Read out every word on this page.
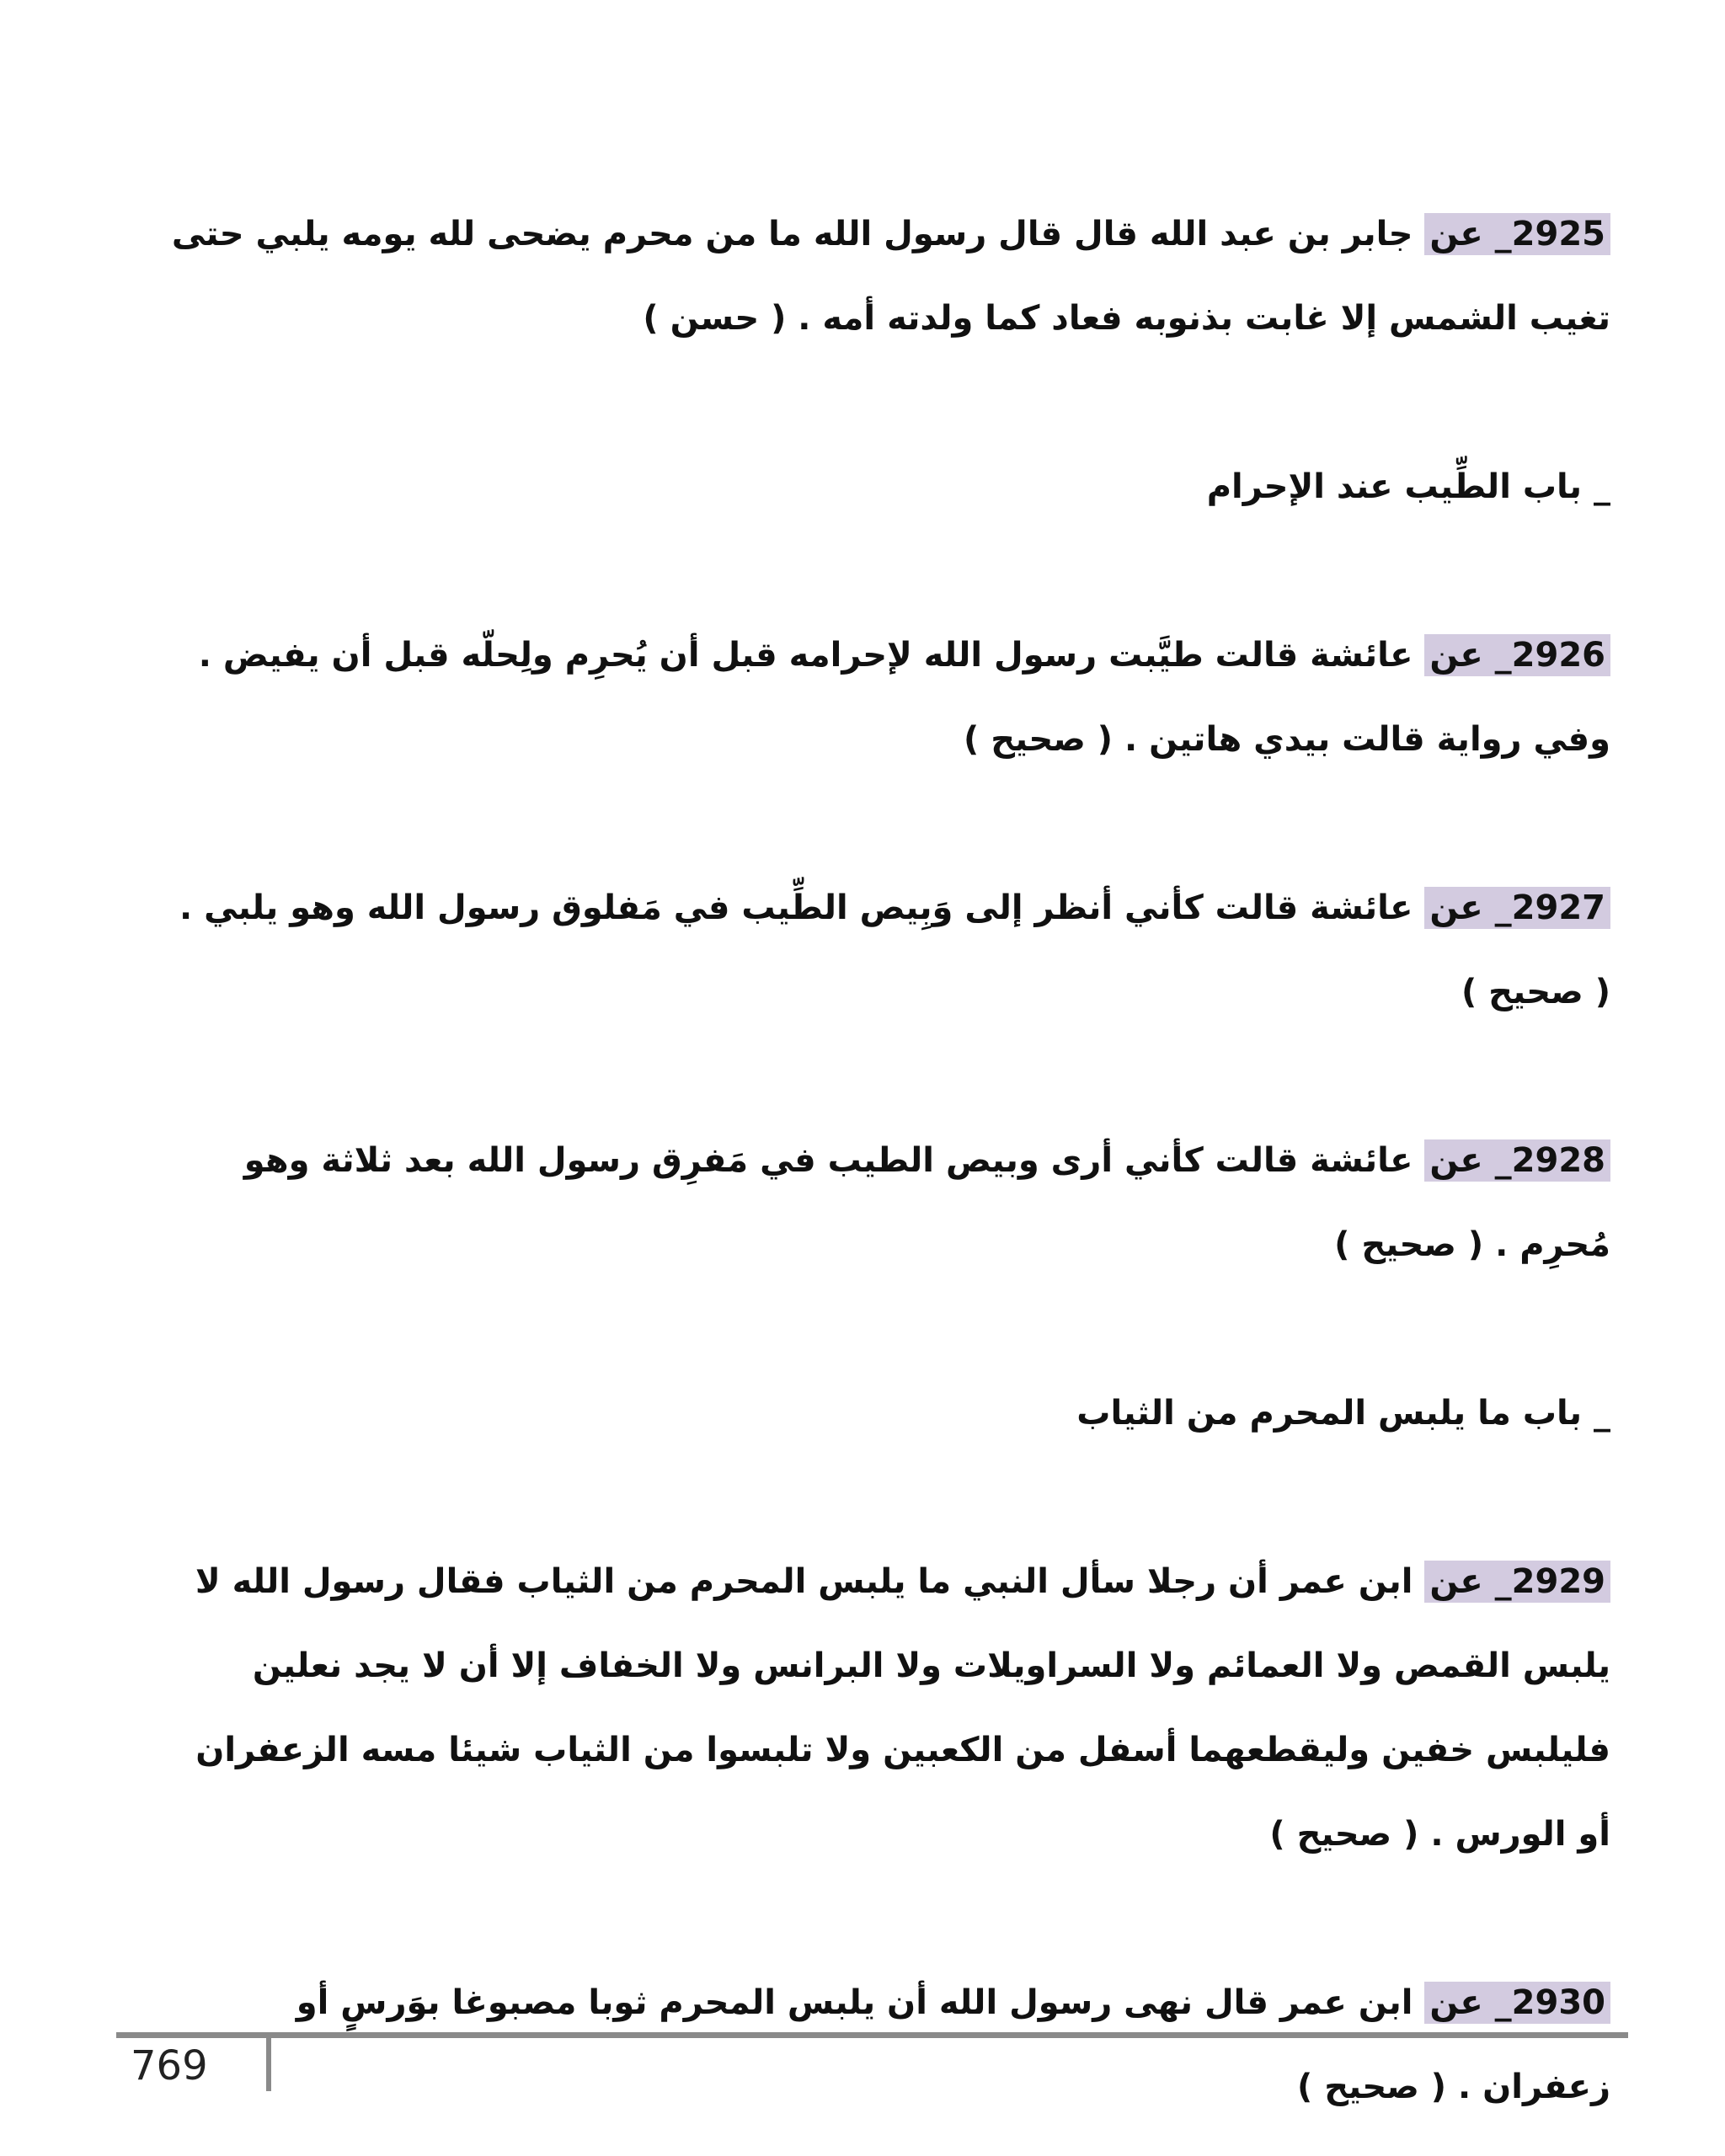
2925_ عن جابر بن عبد الله قال قال رسول الله ما من محرم يضحى لله يومه يلبي حتى تغيب الشمس إلا غابت بذنوبه فعاد كما ولدته أمه . ( حسن )

_ باب الطِّيب عند الإحرام

2926_ عن عائشة قالت طيَّبت رسول الله لإحرامه قبل أن يُحرِم ولِحلّه قبل أن يفيض . وفي رواية قالت بيدي هاتين . ( صحيح )

2927_ عن عائشة قالت كأني أنظر إلى وَبِيص الطِّيب في مَفلوق رسول الله وهو يلبي . ( صحيح )

2928_ عن عائشة قالت كأني أرى وبيص الطيب في مَفرِق رسول الله بعد ثلاثة وهو مُحرِم . ( صحيح )

_ باب ما يلبس المحرم من الثياب

2929_ عن ابن عمر أن رجلا سأل النبي ما يلبس المحرم من الثياب فقال رسول الله لا يلبس القمص ولا العمائم ولا السراويلات ولا البرانس ولا الخفاف إلا أن لا يجد نعلين فليلبس خفين وليقطعهما أسفل من الكعبين ولا تلبسوا من الثياب شيئا مسه الزعفران أو الورس . ( صحيح )

2930_ عن ابن عمر قال نهى رسول الله أن يلبس المحرم ثوبا مصبوغا بوَرسٍ أو زعفران . ( صحيح )

769
